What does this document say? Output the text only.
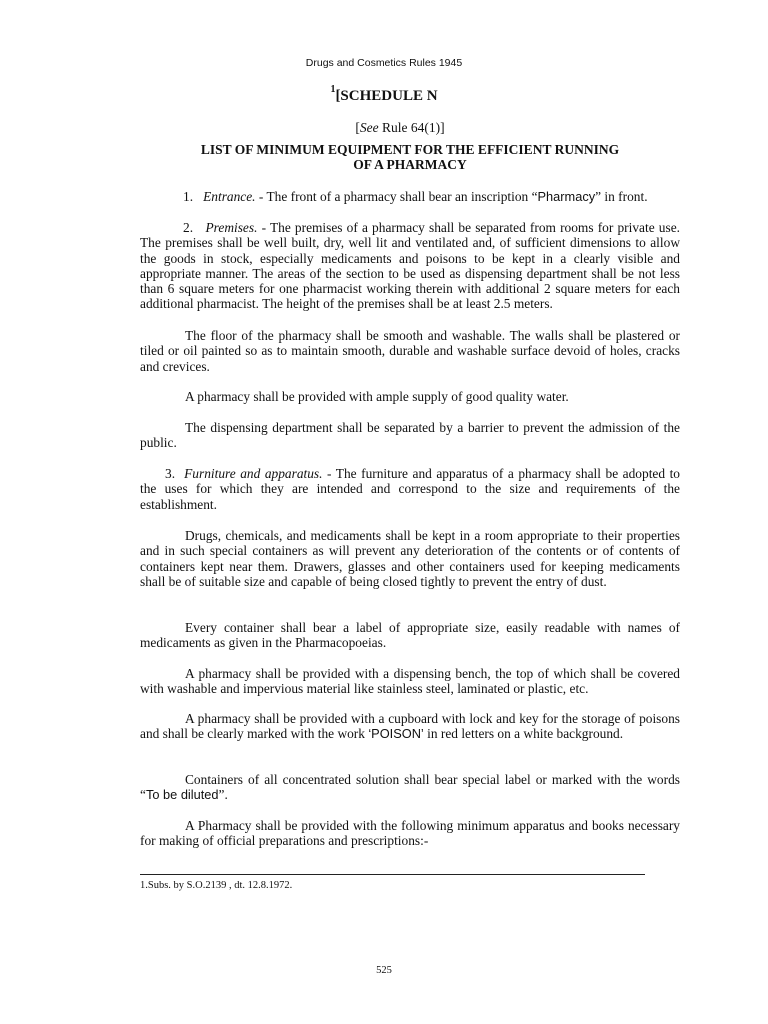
Drugs and Cosmetics Rules 1945
$^1$[SCHEDULE N
[See Rule 64(1)]
LIST OF MINIMUM EQUIPMENT FOR THE EFFICIENT RUNNING
OF A PHARMACY

1. Entrance. - The front of a pharmacy shall bear an inscription “Pharmacy” in front.

2. Premises. - The premises of a pharmacy shall be separated from rooms for private use. The premises shall be well built, dry, well lit and ventilated and, of sufficient dimensions to allow the goods in stock, especially medicaments and poisons to be kept in a clearly visible and appropriate manner. The areas of the section to be used as dispensing department shall be not less than 6 square meters for one pharmacist working therein with additional 2 square meters for each additional pharmacist. The height of the premises shall be at least 2.5 meters.

The floor of the pharmacy shall be smooth and washable. The walls shall be plastered or tiled or oil painted so as to maintain smooth, durable and washable surface devoid of holes, cracks and crevices.

A pharmacy shall be provided with ample supply of good quality water.

The dispensing department shall be separated by a barrier to prevent the admission of the public.

3. Furniture and apparatus. - The furniture and apparatus of a pharmacy shall be adopted to the uses for which they are intended and correspond to the size and requirements of the establishment.

Drugs, chemicals, and medicaments shall be kept in a room appropriate to their properties and in such special containers as will prevent any deterioration of the contents or of contents of containers kept near them. Drawers, glasses and other containers used for keeping medicaments shall be of suitable size and capable of being closed tightly to prevent the entry of dust.

Every container shall bear a label of appropriate size, easily readable with names of medicaments as given in the Pharmacopoeias.

A pharmacy shall be provided with a dispensing bench, the top of which shall be covered with washable and impervious material like stainless steel, laminated or plastic, etc.

A pharmacy shall be provided with a cupboard with lock and key for the storage of poisons and shall be clearly marked with the work ‘POISON’ in red letters on a white background.

Containers of all concentrated solution shall bear special label or marked with the words “To be diluted”.

A Pharmacy shall be provided with the following minimum apparatus and books necessary for making of official preparations and prescriptions:-

1.Subs. by S.O.2139 , dt. 12.8.1972.
525
